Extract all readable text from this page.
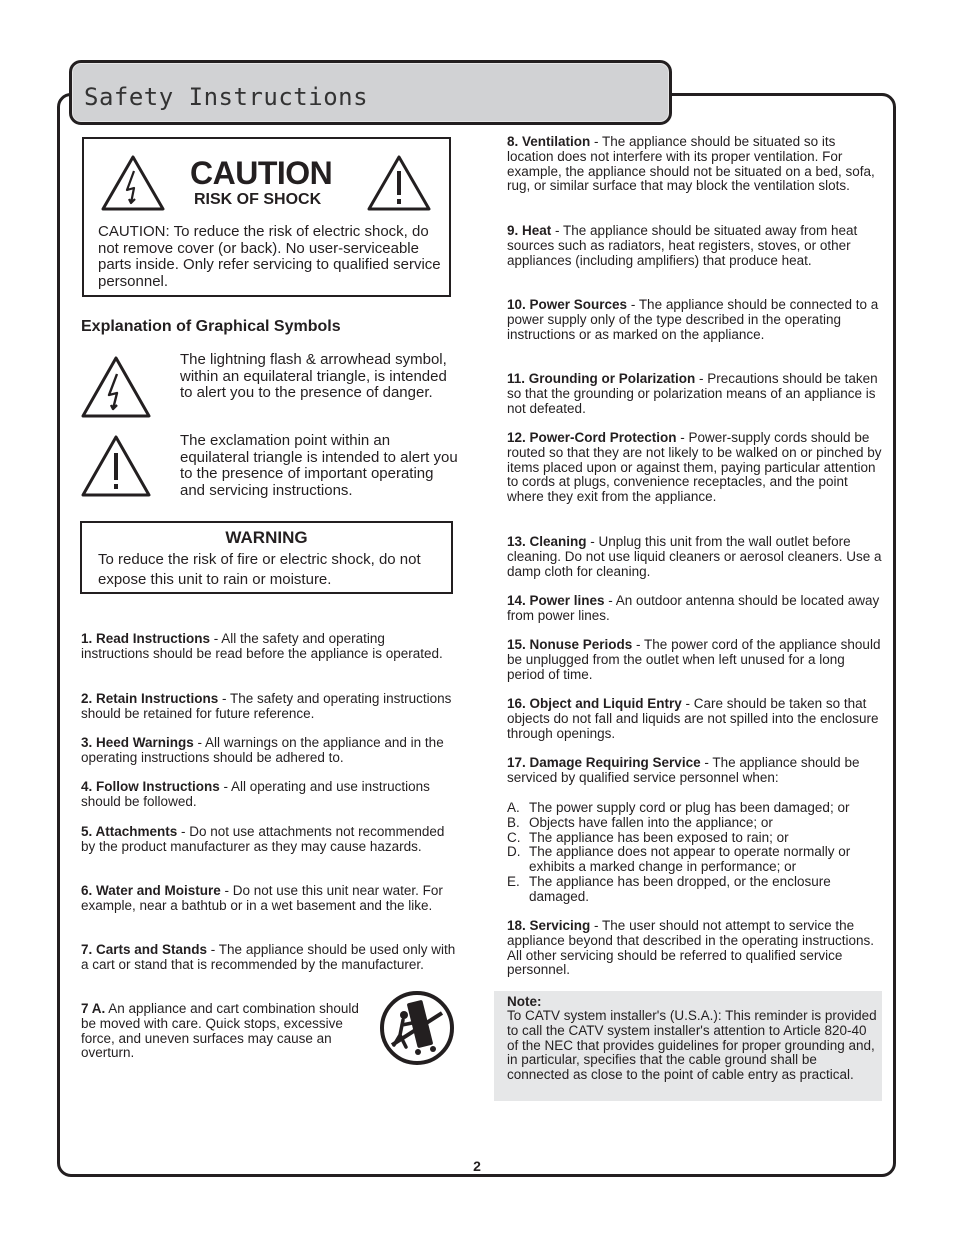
Safety Instructions
CAUTION
RISK OF SHOCK
CAUTION: To reduce the risk of electric shock, do not remove cover (or back). No user-serviceable parts inside. Only refer servicing to qualified service personnel.
Explanation of Graphical Symbols
The lightning flash & arrowhead symbol, within an equilateral triangle, is intended to alert you to the presence of danger.
The exclamation point within an equilateral triangle is intended to alert you to the presence of important operating and servicing instructions.
WARNING
To reduce the risk of fire or electric shock, do not expose this unit to rain or moisture.
1. Read Instructions - All the safety and operating instructions should be read before the appliance is operated.
2. Retain Instructions - The safety and operating instructions should be retained for future reference.
3. Heed Warnings - All warnings on the appliance and in the operating instructions should be adhered to.
4. Follow Instructions - All operating and use instructions should be followed.
5. Attachments - Do not use attachments not recommended by the product manufacturer as they may cause hazards.
6. Water and Moisture - Do not use this unit near water. For example, near a bathtub or in a wet basement and the like.
7. Carts and Stands - The appliance should be used only with a cart or stand that is recommended by the manufacturer.
7 A. An appliance and cart combination should be moved with care. Quick stops, excessive force, and uneven surfaces may cause an overturn.
8. Ventilation - The appliance should be situated so its location does not interfere with its proper ventilation. For example, the appliance should not be situated on a bed, sofa, rug, or similar surface that may block the ventilation slots.
9. Heat - The appliance should be situated away from heat sources such as radiators, heat registers, stoves, or other appliances (including amplifiers) that produce heat.
10. Power Sources - The appliance should be connected to a power supply only of the type described in the operating instructions or as marked on the appliance.
11. Grounding or Polarization - Precautions should be taken so that the grounding or polarization means of an appliance is not defeated.
12. Power-Cord Protection - Power-supply cords should be routed so that they are not likely to be walked on or pinched by items placed upon or against them, paying particular attention to cords at plugs, convenience receptacles, and the point where they exit from the appliance.
13. Cleaning - Unplug this unit from the wall outlet before cleaning. Do not use liquid cleaners or aerosol cleaners. Use a damp cloth for cleaning.
14. Power lines - An outdoor antenna should be located away from power lines.
15. Nonuse Periods - The power cord of the appliance should be unplugged from the outlet when left unused for a long period of time.
16. Object and Liquid Entry - Care should be taken so that objects do not fall and liquids are not spilled into the enclosure through openings.
17. Damage Requiring Service - The appliance should be serviced by qualified service personnel when:
A. The power supply cord or plug has been damaged; or
B. Objects have fallen into the appliance; or
C. The appliance has been exposed to rain; or
D. The appliance does not appear to operate normally or exhibits a marked change in performance; or
E. The appliance has been dropped, or the enclosure damaged.
18. Servicing - The user should not attempt to service the appliance beyond that described in the operating instructions. All other servicing should be referred to qualified service personnel.
Note:
To CATV system installer's (U.S.A.): This reminder is provided to call the CATV system installer's attention to Article 820-40 of the NEC that provides guidelines for proper grounding and, in particular, specifies that the cable ground shall be connected as close to the point of cable entry as practical.
2
